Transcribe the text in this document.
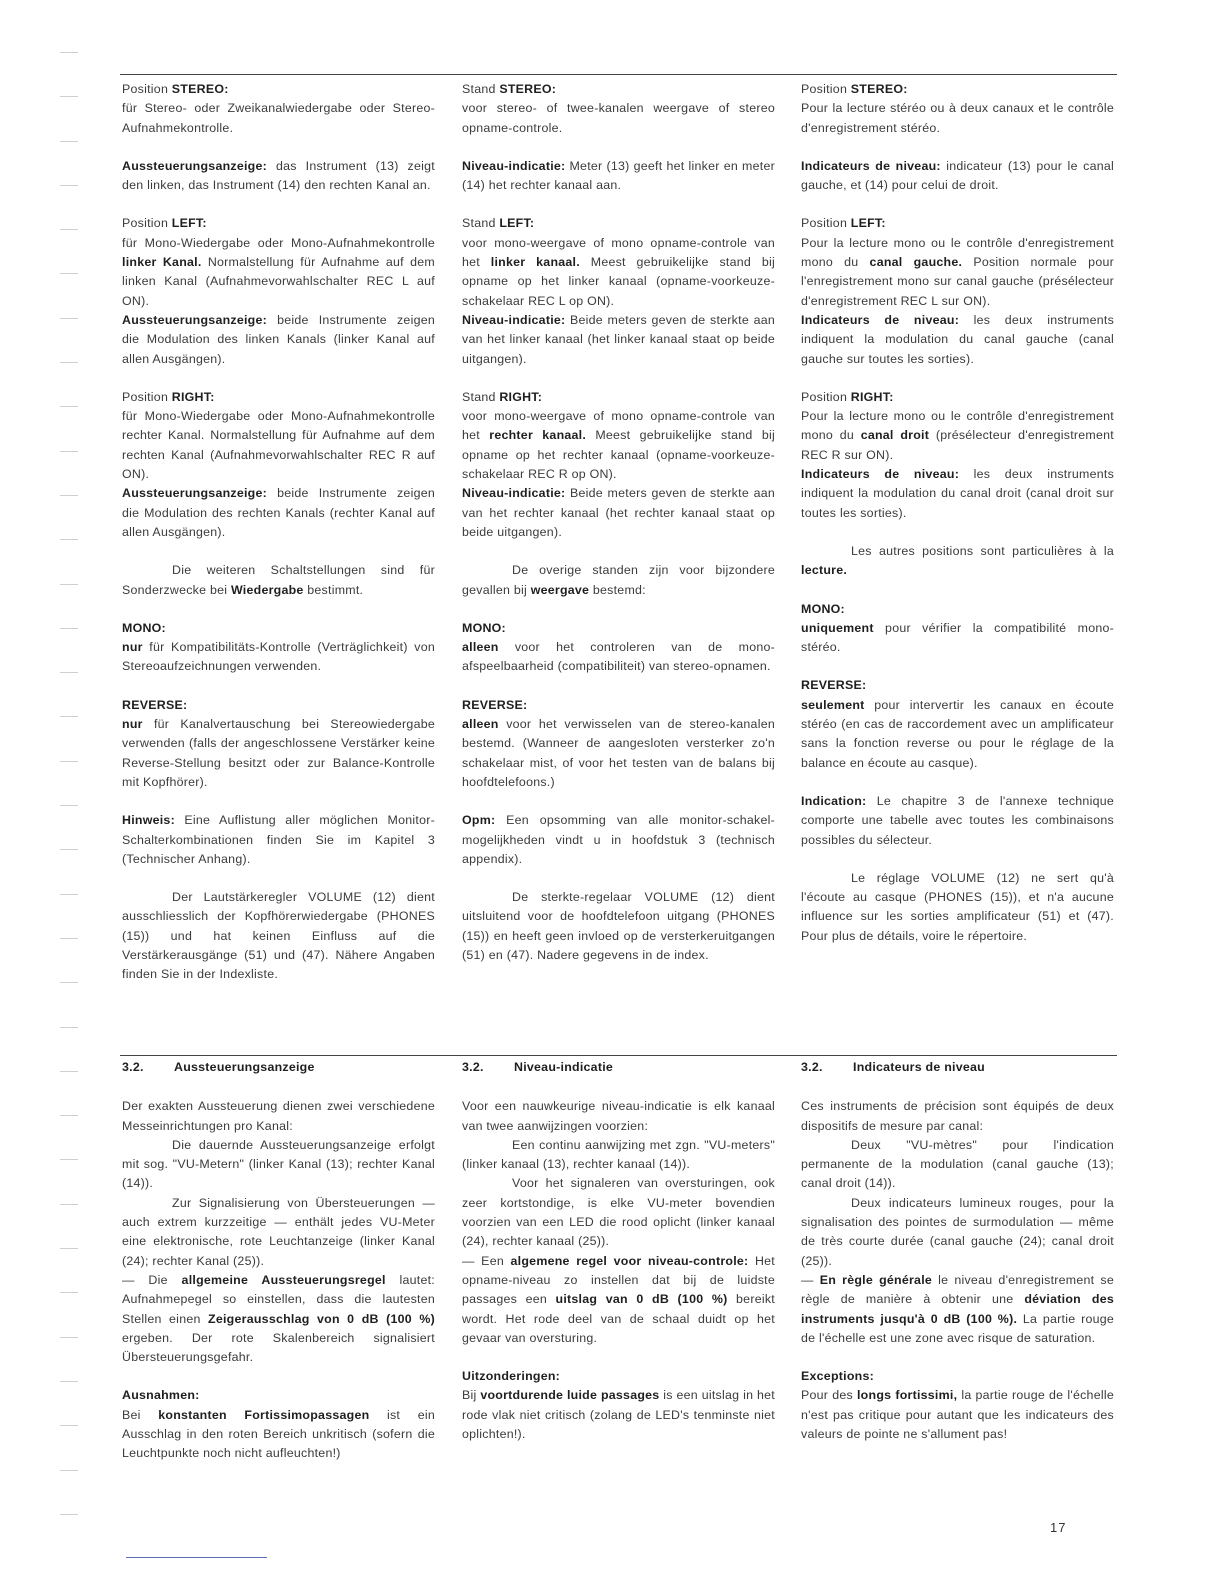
Position STEREO:

für Stereo- oder Zweikanalwiedergabe oder Stereo-Aufnahmekontrolle.

Aussteuerungsanzeige: das Instrument (13) zeigt den linken, das Instrument (14) den rechten Kanal an.

Position LEFT:

für Mono-Wiedergabe oder Mono-Aufnahmekontrolle linker Kanal. Normalstellung für Aufnahme auf dem linken Kanal (Aufnahmevorwahlschalter REC L auf ON).

Aussteuerungsanzeige: beide Instrumente zeigen die Modulation des linken Kanals (linker Kanal auf allen Ausgängen).

Position RIGHT:

für Mono-Wiedergabe oder Mono-Aufnahmekontrolle rechter Kanal. Normalstellung für Aufnahme auf dem rechten Kanal (Aufnahmevorwahlschalter REC R auf ON).

Aussteuerungsanzeige: beide Instrumente zeigen die Modulation des rechten Kanals (rechter Kanal auf allen Ausgängen).

Die weiteren Schaltstellungen sind für Sonderzwecke bei Wiedergabe bestimmt.

MONO:

nur für Kompatibilitäts-Kontrolle (Verträglichkeit) von Stereoaufzeichnungen verwenden.

REVERSE:

nur für Kanalvertauschung bei Stereowiedergabe verwenden (falls der angeschlossene Verstärker keine Reverse-Stellung besitzt oder zur Balance-Kontrolle mit Kopfhörer).

Hinweis: Eine Auflistung aller möglichen Monitor-Schalterkombinationen finden Sie im Kapitel 3 (Technischer Anhang).

Der Lautstärkeregler VOLUME (12) dient ausschliesslich der Kopfhörerwiedergabe (PHONES (15)) und hat keinen Einfluss auf die Verstärkerausgänge (51) und (47). Nähere Angaben finden Sie in der Indexliste.

3.2. Aussteuerungsanzeige

Der exakten Aussteuerung dienen zwei verschiedene Messeinrichtungen pro Kanal:

Die dauernde Aussteuerungsanzeige erfolgt mit sog. "VU-Metern" (linker Kanal (13); rechter Kanal (14)).

Zur Signalisierung von Übersteuerungen — auch extrem kurzzeitige — enthält jedes VU-Meter eine elektronische, rote Leuchtanzeige (linker Kanal (24); rechter Kanal (25)).

— Die allgemeine Aussteuerungsregel lautet: Aufnahmepegel so einstellen, dass die lautesten Stellen einen Zeigerausschlag von 0 dB (100 %) ergeben. Der rote Skalenbereich signalisiert Übersteuerungsgefahr.

Ausnahmen:

Bei konstanten Fortissimopassagen ist ein Ausschlag in den roten Bereich unkritisch (sofern die Leuchtpunkte noch nicht aufleuchten!)

Stand STEREO:

voor stereo- of twee-kanalen weergave of stereo opname-controle.

Niveau-indicatie: Meter (13) geeft het linker en meter (14) het rechter kanaal aan.

Stand LEFT:

voor mono-weergave of mono opname-controle van het linker kanaal. Meest gebruikelijke stand bij opname op het linker kanaal (opname-voorkeuze-schakelaar REC L op ON).

Niveau-indicatie: Beide meters geven de sterkte aan van het linker kanaal (het linker kanaal staat op beide uitgangen).

Stand RIGHT:

voor mono-weergave of mono opname-controle van het rechter kanaal. Meest gebruikelijke stand bij opname op het rechter kanaal (opname-voorkeuze-schakelaar REC R op ON).

Niveau-indicatie: Beide meters geven de sterkte aan van het rechter kanaal (het rechter kanaal staat op beide uitgangen).

De overige standen zijn voor bijzondere gevallen bij weergave bestemd:

MONO:

alleen voor het controleren van de mono-afspeelbaarheid (compatibiliteit) van stereo-opnamen.

REVERSE:

alleen voor het verwisselen van de stereo-kanalen bestemd. (Wanneer de aangesloten versterker zo'n schakelaar mist, of voor het testen van de balans bij hoofdtelefoons.)

Opm: Een opsomming van alle monitor-schakel-mogelijkheden vindt u in hoofdstuk 3 (technisch appendix).

De sterkte-regelaar VOLUME (12) dient uitsluitend voor de hoofdtelefoon uitgang (PHONES (15)) en heeft geen invloed op de versterkeruitgangen (51) en (47). Nadere gegevens in de index.

3.2. Niveau-indicatie

Voor een nauwkeurige niveau-indicatie is elk kanaal van twee aanwijzingen voorzien:

Een continu aanwijzing met zgn. "VU-meters" (linker kanaal (13), rechter kanaal (14)).

Voor het signaleren van oversturingen, ook zeer kortstondige, is elke VU-meter bovendien voorzien van een LED die rood oplicht (linker kanaal (24), rechter kanaal (25)).

— Een algemene regel voor niveau-controle: Het opname-niveau zo instellen dat bij de luidste passages een uitslag van 0 dB (100 %) bereikt wordt. Het rode deel van de schaal duidt op het gevaar van oversturing.

Uitzonderingen:

Bij voortdurende luide passages is een uitslag in het rode vlak niet critisch (zolang de LED's tenminste niet oplichten!).

Position STEREO:

Pour la lecture stéréo ou à deux canaux et le contrôle d'enregistrement stéréo.

Indicateurs de niveau: indicateur (13) pour le canal gauche, et (14) pour celui de droit.

Position LEFT:

Pour la lecture mono ou le contrôle d'enregistrement mono du canal gauche. Position normale pour l'enregistrement mono sur canal gauche (présélecteur d'enregistrement REC L sur ON).

Indicateurs de niveau: les deux instruments indiquent la modulation du canal gauche (canal gauche sur toutes les sorties).

Position RIGHT:

Pour la lecture mono ou le contrôle d'enregistrement mono du canal droit (présélecteur d'enregistrement REC R sur ON).

Indicateurs de niveau: les deux instruments indiquent la modulation du canal droit (canal droit sur toutes les sorties).

Les autres positions sont particulières à la lecture.

MONO:

uniquement pour vérifier la compatibilité mono-stéréo.

REVERSE:

seulement pour intervertir les canaux en écoute stéréo (en cas de raccordement avec un amplificateur sans la fonction reverse ou pour le réglage de la balance en écoute au casque).

Indication: Le chapitre 3 de l'annexe technique comporte une tabelle avec toutes les combinaisons possibles du sélecteur.

Le réglage VOLUME (12) ne sert qu'à l'écoute au casque (PHONES (15)), et n'a aucune influence sur les sorties amplificateur (51) et (47). Pour plus de détails, voire le répertoire.

3.2. Indicateurs de niveau

Ces instruments de précision sont équipés de deux dispositifs de mesure par canal:

Deux "VU-mètres" pour l'indication permanente de la modulation (canal gauche (13); canal droit (14)).

Deux indicateurs lumineux rouges, pour la signalisation des pointes de surmodulation — même de très courte durée (canal gauche (24); canal droit (25)).

— En règle générale le niveau d'enregistrement se règle de manière à obtenir une déviation des instruments jusqu'à 0 dB (100 %). La partie rouge de l'échelle est une zone avec risque de saturation.

Exceptions:

Pour des longs fortissimi, la partie rouge de l'échelle n'est pas critique pour autant que les indicateurs des valeurs de pointe ne s'allument pas!

17
